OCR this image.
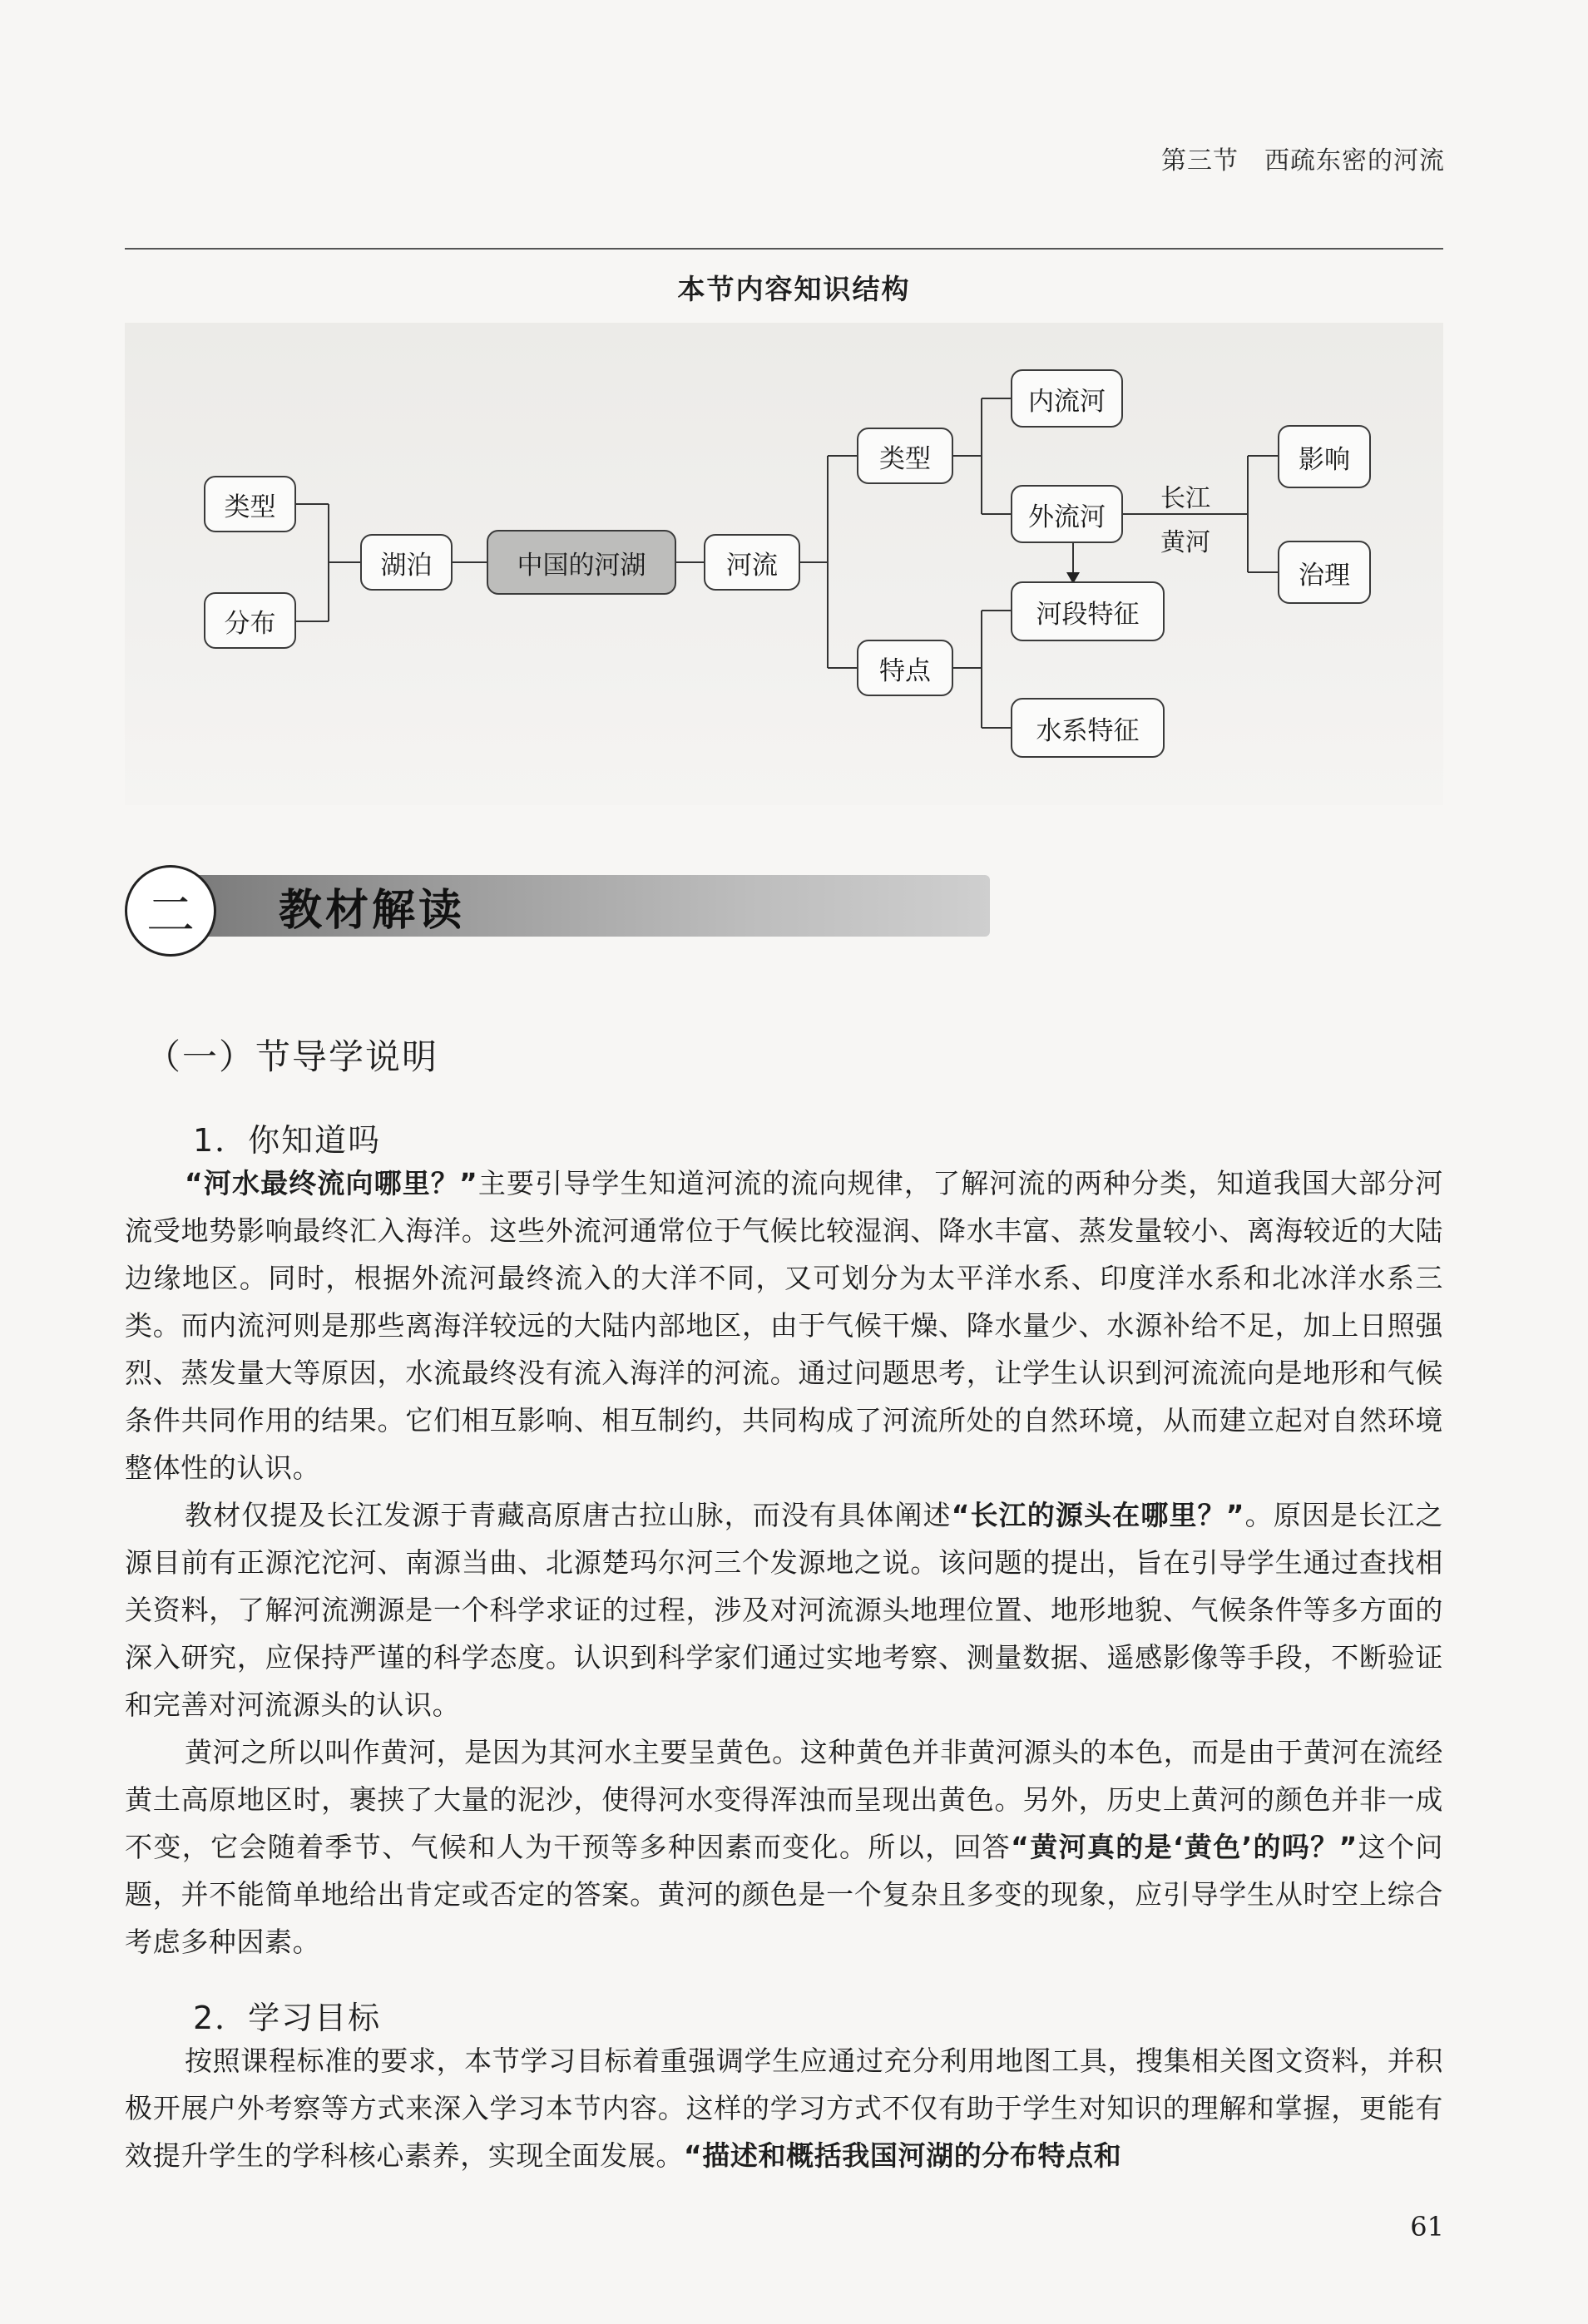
第三节　西疏东密的河流
本节内容知识结构
类型
分布
湖泊	中国的河湖	河流
类型
特点
内流河
外流河
河段特征
水系特征
影响
治理
长江
黄河
二 教材解读
（一）节导学说明
1．你知道吗

“河水最终流向哪里？”主要引导学生知道河流的流向规律，了解河流的两种分类，知道我国大部分河流受地势影响最终汇入海洋。这些外流河通常位于气候比较湿润、降水丰富、蒸发量较小、离海较近的大陆边缘地区。同时，根据外流河最终流入的大洋不同，又可划分为太平洋水系、印度洋水系和北冰洋水系三类。而内流河则是那些离海洋较远的大陆内部地区，由于气候干燥、降水量少、水源补给不足，加上日照强烈、蒸发量大等原因，水流最终没有流入海洋的河流。通过问题思考，让学生认识到河流流向是地形和气候条件共同作用的结果。它们相互影响、相互制约，共同构成了河流所处的自然环境，从而建立起对自然环境整体性的认识。

教材仅提及长江发源于青藏高原唐古拉山脉，而没有具体阐述“长江的源头在哪里？”。原因是长江之源目前有正源沱沱河、南源当曲、北源楚玛尔河三个发源地之说。该问题的提出，旨在引导学生通过查找相关资料，了解河流溯源是一个科学求证的过程，涉及对河流源头地理位置、地形地貌、气候条件等多方面的深入研究，应保持严谨的科学态度。认识到科学家们通过实地考察、测量数据、遥感影像等手段，不断验证和完善对河流源头的认识。

黄河之所以叫作黄河，是因为其河水主要呈黄色。这种黄色并非黄河源头的本色，而是由于黄河在流经黄土高原地区时，裹挟了大量的泥沙，使得河水变得浑浊而呈现出黄色。另外，历史上黄河的颜色并非一成不变，它会随着季节、气候和人为干预等多种因素而变化。所以，回答“黄河真的是‘黄色’的吗？”这个问题，并不能简单地给出肯定或否定的答案。黄河的颜色是一个复杂且多变的现象，应引导学生从时空上综合考虑多种因素。

2．学习目标

按照课程标准的要求，本节学习目标着重强调学生应通过充分利用地图工具，搜集相关图文资料，并积极开展户外考察等方式来深入学习本节内容。这样的学习方式不仅有助于学生对知识的理解和掌握，更能有效提升学生的学科核心素养，实现全面发展。“描述和概括我国河湖的分布特点和

61
